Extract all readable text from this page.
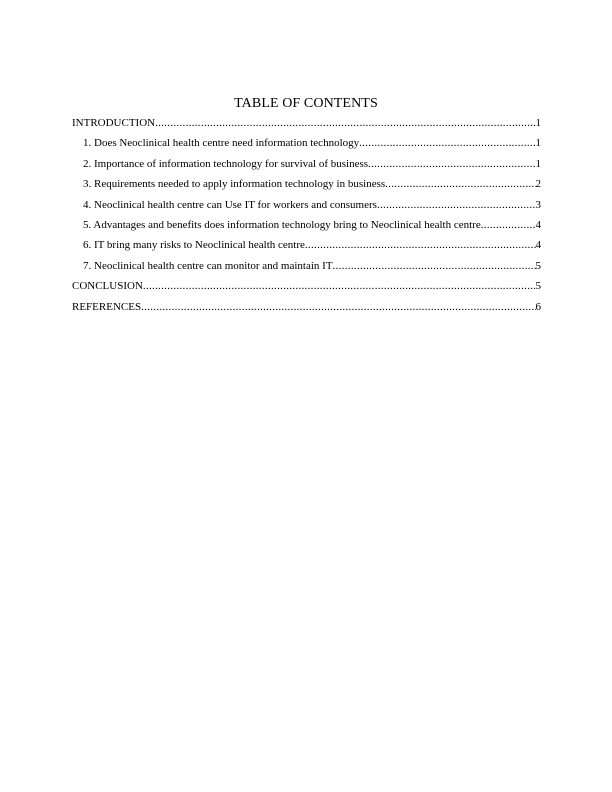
TABLE OF CONTENTS
INTRODUCTION .....	1
1. Does Neoclinical health centre need information technology .....	1
2. Importance of information technology for survival of business .....	1
3. Requirements needed to apply information technology in business .....	2
4. Neoclinical health centre can Use IT for workers and consumers .....	3
5. Advantages and benefits does information technology bring to Neoclinical health centre .....	4
6. IT bring many risks to Neoclinical health centre .....	4
7. Neoclinical health centre can monitor and maintain IT .....	5
CONCLUSION .....	5
REFERENCES .....	6
